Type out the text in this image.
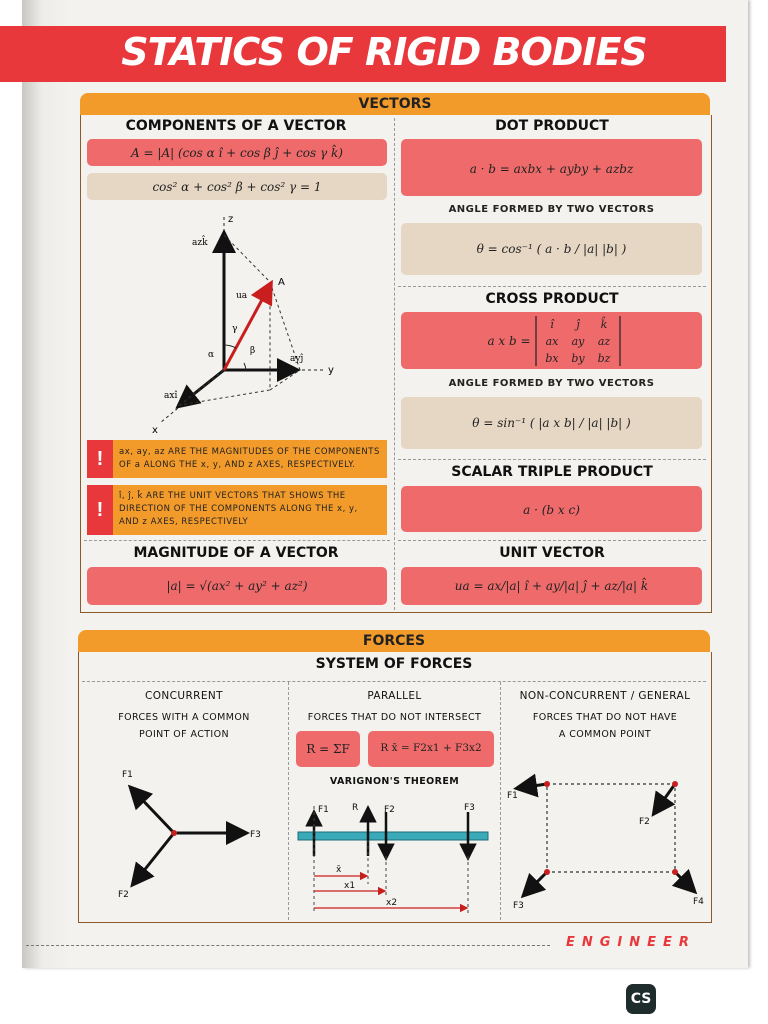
STATICS OF RIGID BODIES
VECTORS
COMPONENTS OF A VECTOR
A = |A| (cos α î + cos β ĵ + cos γ k̂)
cos² α + cos² β + cos² γ = 1
z
azk̂
y
ayĵ
x
axî
A
ua
α	β
γ
!	ax, ay, az ARE THE MAGNITUDES OF THE COMPONENTS OF a ALONG THE x, y, AND z AXES, RESPECTIVELY.
!
î, ĵ, k̂ ARE THE UNIT VECTORS THAT SHOWS THE DIRECTION OF THE COMPONENTS ALONG THE x, y, AND z AXES, RESPECTIVELY
MAGNITUDE OF A VECTOR
|a| = √(ax² + ay² + az²)
DOT PRODUCT
a · b = axbx + ayby + azbz
ANGLE FORMED BY TWO VECTORS
θ = cos⁻¹ ( a · b / |a| |b| )
CROSS PRODUCT
a x b =
î ĵ k̂
ax ay az
bx by bz
ANGLE FORMED BY TWO VECTORS
θ = sin⁻¹ ( |a x b| / |a| |b| )
SCALAR TRIPLE PRODUCT
a · (b x c)
UNIT VECTOR
ua = ax/|a| î + ay/|a| ĵ + az/|a| k̂
FORCES
SYSTEM OF FORCES
CONCURRENT
FORCES WITH A COMMON
POINT OF ACTION
F1
F2
F3
PARALLEL
FORCES THAT DO NOT INTERSECT
R = ΣF	R x̄ = F2x1 + F3x2
VARIGNON'S THEOREM
F1	R	F2	F3
x̄
x1
x2
NON-CONCURRENT / GENERAL
FORCES THAT DO NOT HAVE
A COMMON POINT
F1
F2
F3	F4
ENGINEER
CS
